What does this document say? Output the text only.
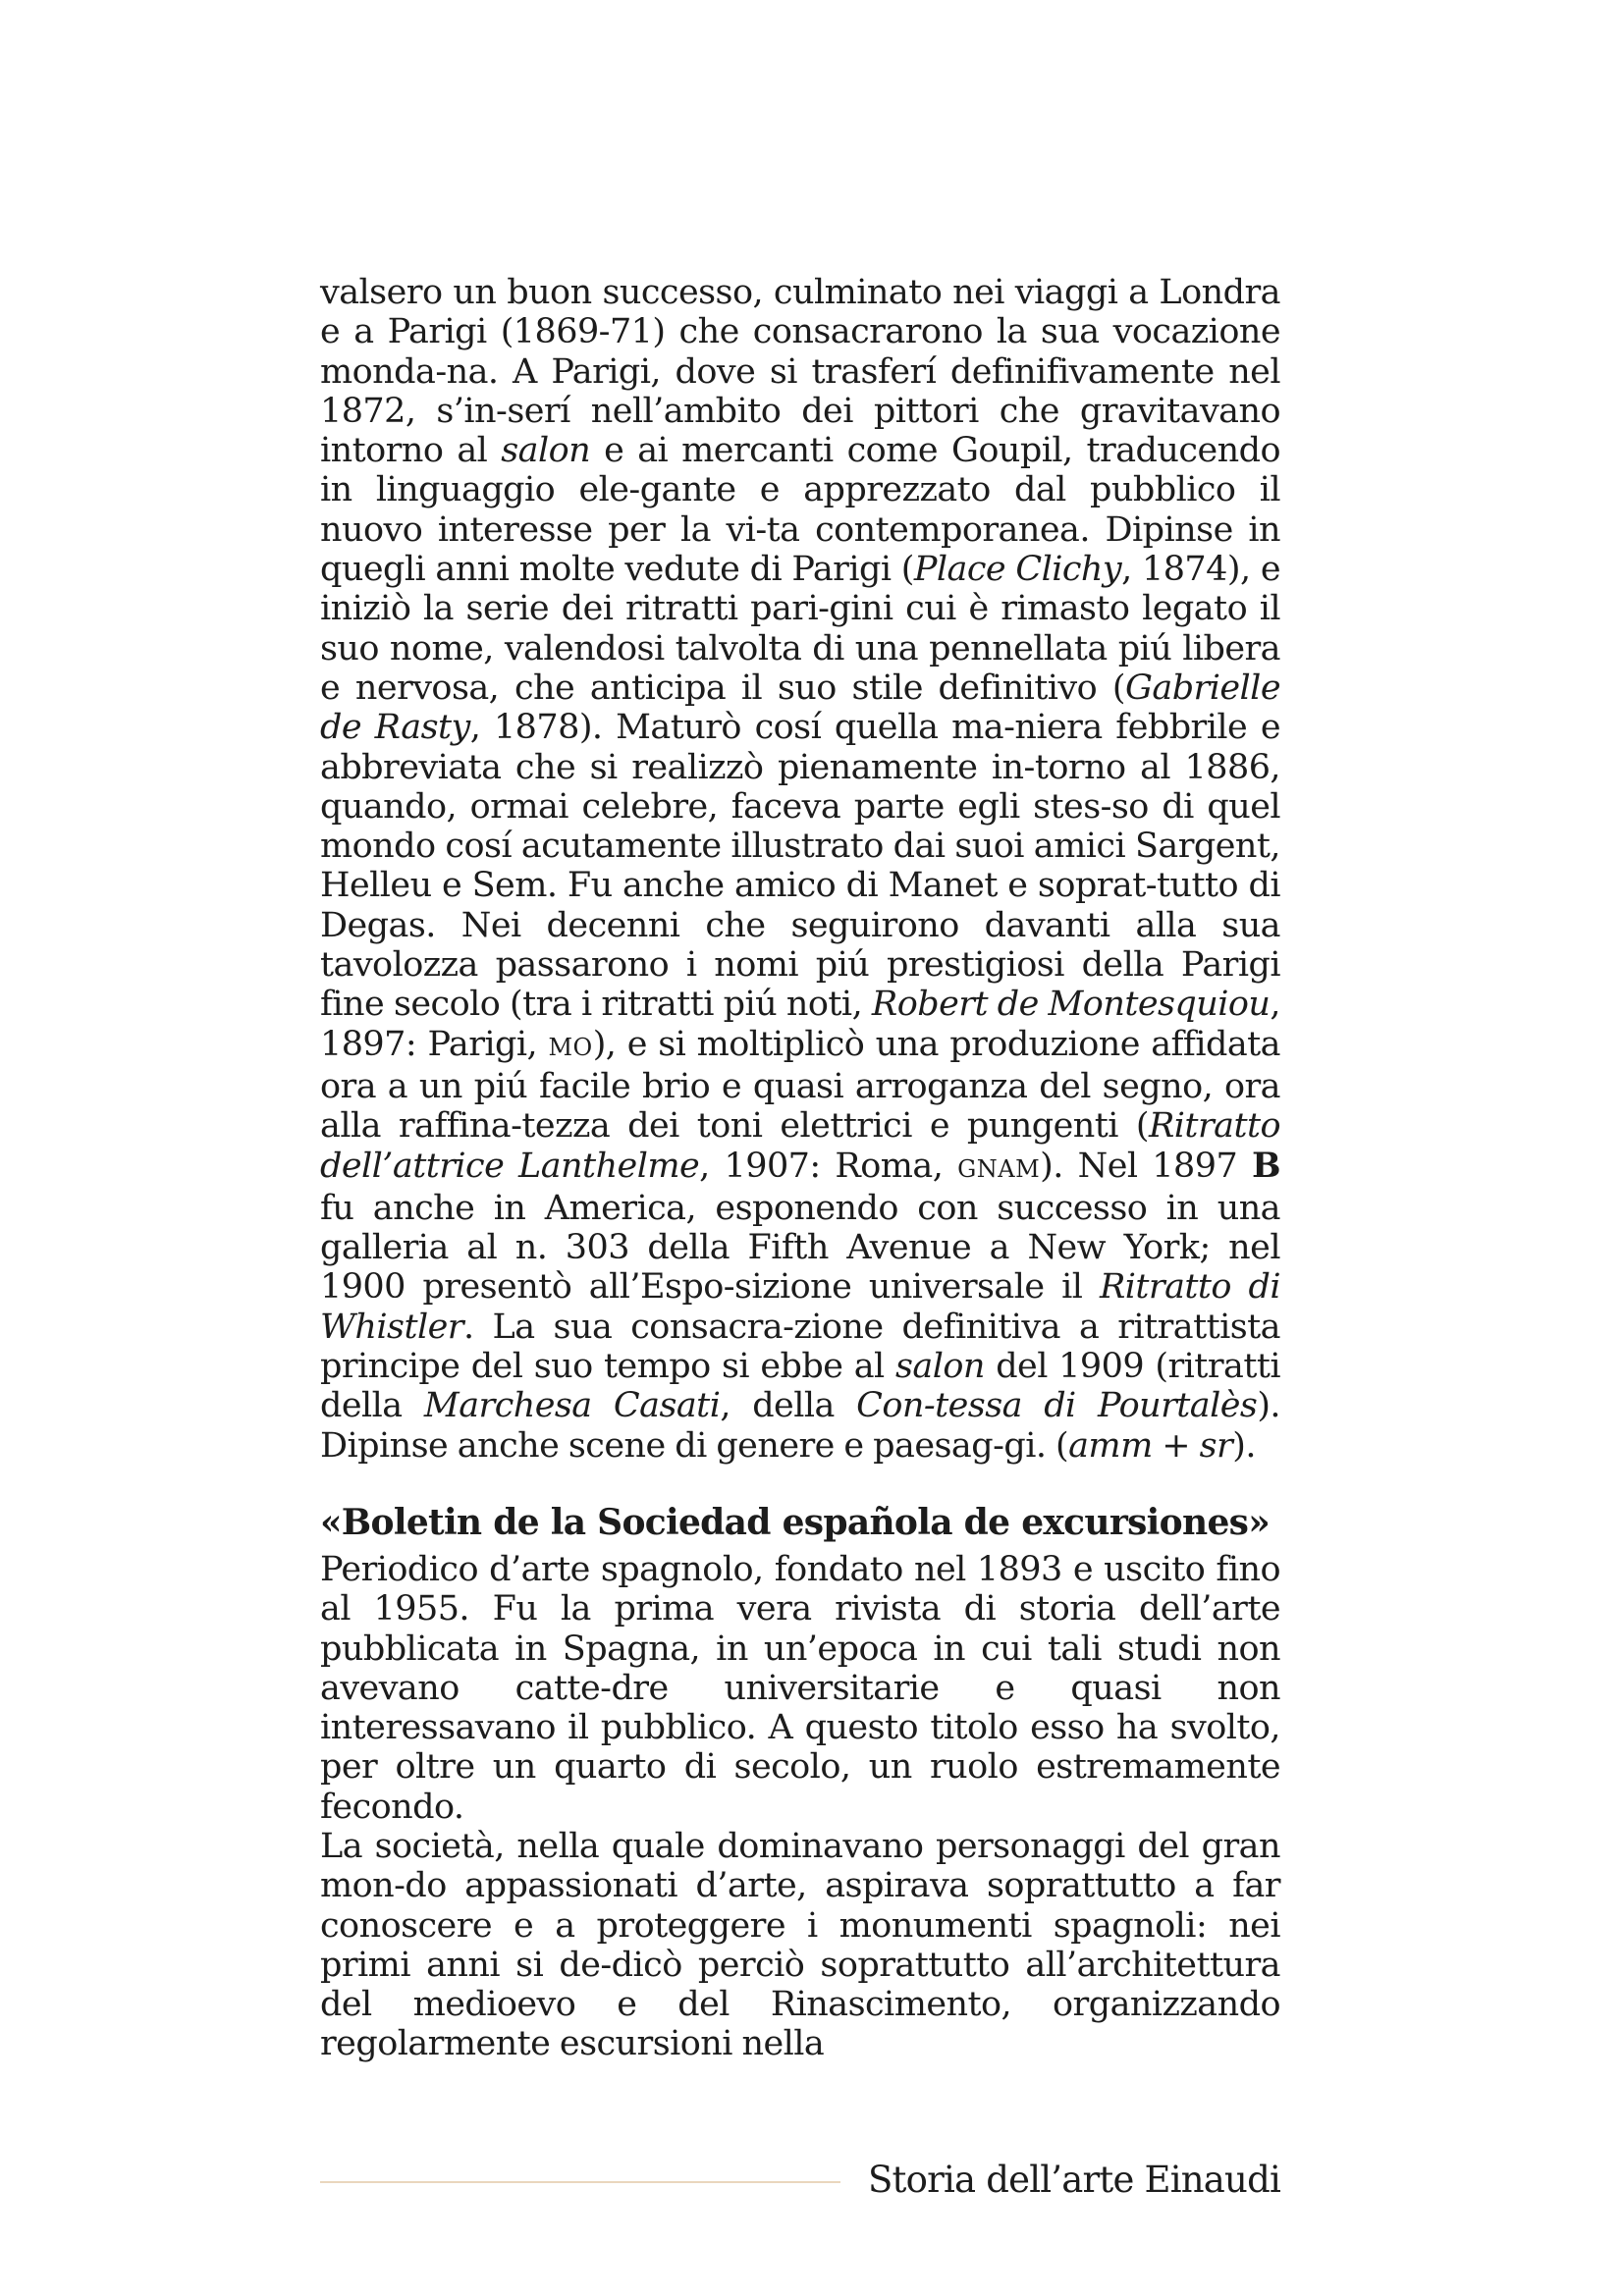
valsero un buon successo, culminato nei viaggi a Londra e a Parigi (1869-71) che consacrarono la sua vocazione monda-na. A Parigi, dove si trasferí definifivamente nel 1872, s’in-serí nell’ambito dei pittori che gravitavano intorno al salon e ai mercanti come Goupil, traducendo in linguaggio ele-gante e apprezzato dal pubblico il nuovo interesse per la vi-ta contemporanea. Dipinse in quegli anni molte vedute di Parigi (Place Clichy, 1874), e iniziò la serie dei ritratti pari-gini cui è rimasto legato il suo nome, valendosi talvolta di una pennellata piú libera e nervosa, che anticipa il suo stile definitivo (Gabrielle de Rasty, 1878). Maturò cosí quella ma-niera febbrile e abbreviata che si realizzò pienamente in-torno al 1886, quando, ormai celebre, faceva parte egli stes-so di quel mondo cosí acutamente illustrato dai suoi amici Sargent, Helleu e Sem. Fu anche amico di Manet e soprat-tutto di Degas. Nei decenni che seguirono davanti alla sua tavolozza passarono i nomi piú prestigiosi della Parigi fine secolo (tra i ritratti piú noti, Robert de Montesquiou, 1897: Parigi, MO), e si moltiplicò una produzione affidata ora a un piú facile brio e quasi arroganza del segno, ora alla raffina-tezza dei toni elettrici e pungenti (Ritratto dell’attrice Lanthelme, 1907: Roma, GNAM). Nel 1897 B fu anche in America, esponendo con successo in una galleria al n. 303 della Fifth Avenue a New York; nel 1900 presentò all’Espo-sizione universale il Ritratto di Whistler. La sua consacra-zione definitiva a ritrattista principe del suo tempo si ebbe al salon del 1909 (ritratti della Marchesa Casati, della Con-tessa di Pourtalès). Dipinse anche scene di genere e paesag-gi. (amm + sr).

«Boletin de la Sociedad española de excursiones»

Periodico d’arte spagnolo, fondato nel 1893 e uscito fino al 1955. Fu la prima vera rivista di storia dell’arte pubblicata in Spagna, in un’epoca in cui tali studi non avevano catte-dre universitarie e quasi non interessavano il pubblico. A questo titolo esso ha svolto, per oltre un quarto di secolo, un ruolo estremamente fecondo.

La società, nella quale dominavano personaggi del gran mon-do appassionati d’arte, aspirava soprattutto a far conoscere e a proteggere i monumenti spagnoli: nei primi anni si de-dicò perciò soprattutto all’architettura del medioevo e del Rinascimento, organizzando regolarmente escursioni nella

Storia dell’arte Einaudi
